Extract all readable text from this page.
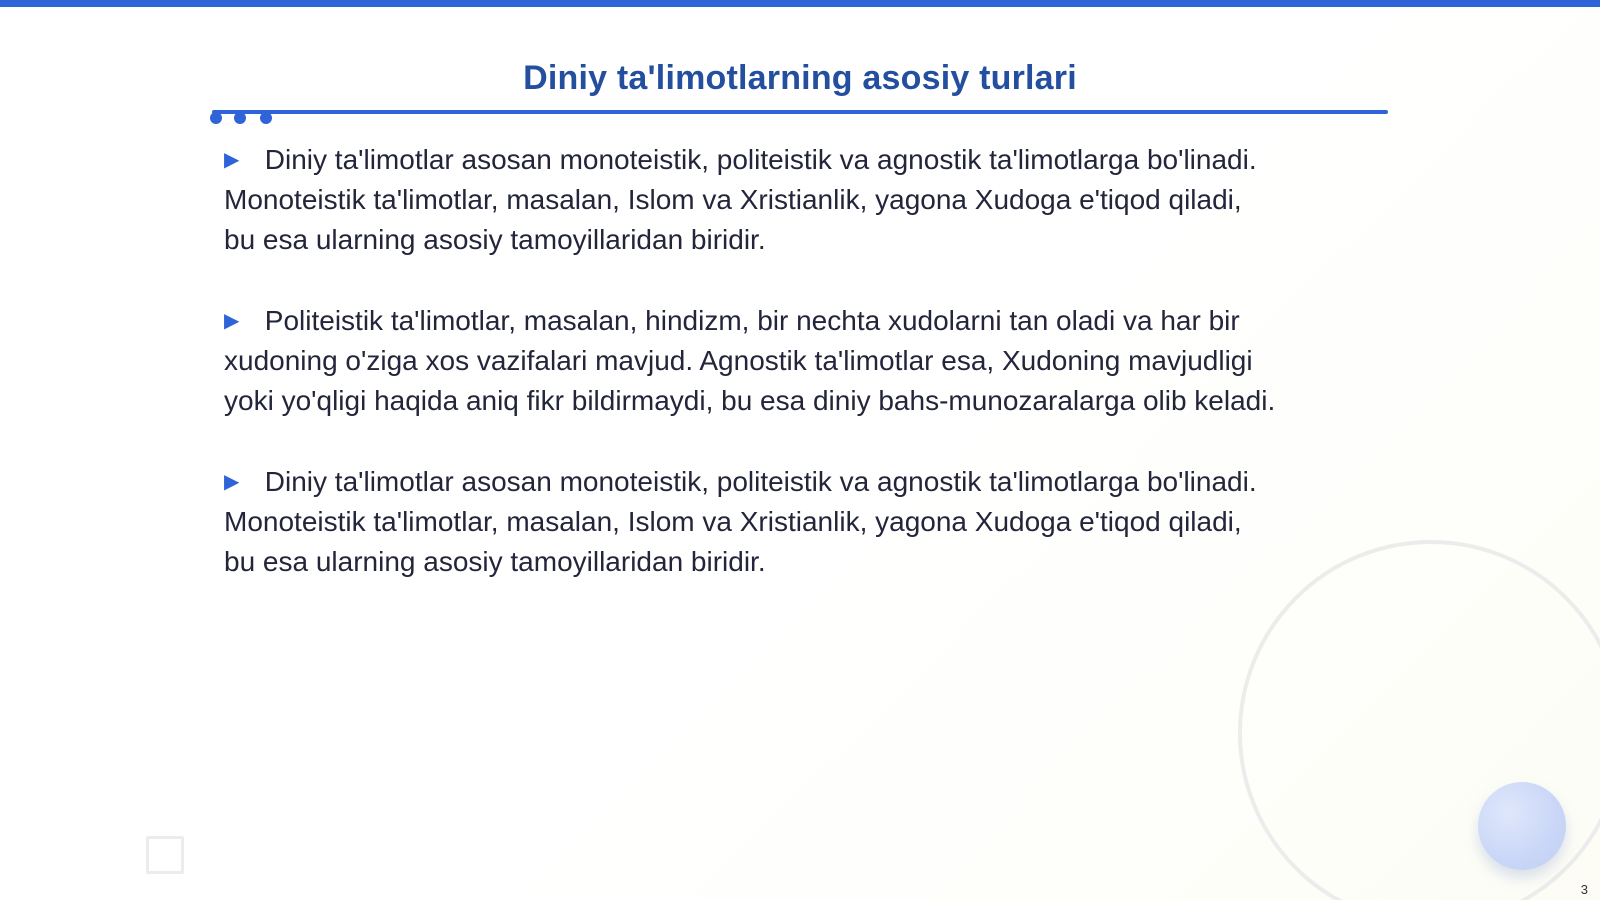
Diniy ta'limotlarning asosiy turlari
▶ Diniy ta'limotlar asosan monoteistik, politeistik va agnostik ta'limotlarga bo'linadi.
Monoteistik ta'limotlar, masalan, Islom va Xristianlik, yagona Xudoga e'tiqod qiladi,
bu esa ularning asosiy tamoyillaridan biridir.
▶ Politeistik ta'limotlar, masalan, hindizm, bir nechta xudolarni tan oladi va har bir
xudoning o'ziga xos vazifalari mavjud. Agnostik ta'limotlar esa, Xudoning mavjudligi
yoki yo'qligi haqida aniq fikr bildirmaydi, bu esa diniy bahs-munozaralarga olib keladi.
▶ Diniy ta'limotlar asosan monoteistik, politeistik va agnostik ta'limotlarga bo'linadi.
Monoteistik ta'limotlar, masalan, Islom va Xristianlik, yagona Xudoga e'tiqod qiladi,
bu esa ularning asosiy tamoyillaridan biridir.
3
